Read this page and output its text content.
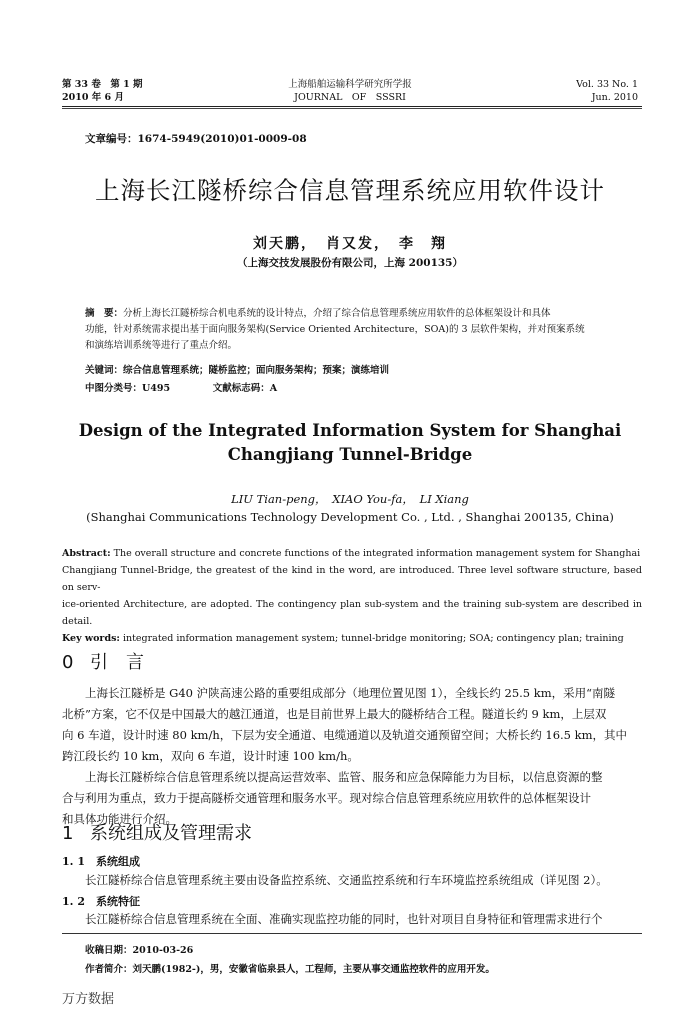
第 33 卷　第 1 期
2010 年 6 月
上海船舶运输科学研究所学报
JOURNAL　OF　SSSRI
Vol. 33 No. 1
Jun. 2010
文章编号：1674-5949(2010)01-0009-08
上海长江隧桥综合信息管理系统应用软件设计
刘天鹏，　肖又发，　李　翔
（上海交技发展股份有限公司，上海 200135）
摘　要：分析上海长江隧桥综合机电系统的设计特点，介绍了综合信息管理系统应用软件的总体框架设计和具体
功能，针对系统需求提出基于面向服务架构(Service Oriented Architecture，SOA)的 3 层软件架构，并对预案系统
和演练培训系统等进行了重点介绍。
关键词：综合信息管理系统；隧桥监控；面向服务架构；预案；演练培训
中图分类号：U495	文献标志码：A
Design of the Integrated Information System for Shanghai
Changjiang Tunnel-Bridge
LIU Tian-peng，　XIAO You-fa，　LI Xiang
(Shanghai Communications Technology Development Co. , Ltd. , Shanghai 200135, China)
Abstract: The overall structure and concrete functions of the integrated information management system for Shanghai
Changjiang Tunnel-Bridge, the greatest of the kind in the word, are introduced. Three level software structure, based on serv-
ice-oriented Architecture, are adopted. The contingency plan sub-system and the training sub-system are described in detail.
Key words: integrated information management system; tunnel-bridge monitoring; SOA; contingency plan; training
0 引　言
　　上海长江隧桥是 G40 沪陕高速公路的重要组成部分（地理位置见图 1），全线长约 25.5 km，采用“南隧
北桥”方案，它不仅是中国最大的越江通道，也是目前世界上最大的隧桥结合工程。隧道长约 9 km，上层双
向 6 车道，设计时速 80 km/h，下层为安全通道、电缆通道以及轨道交通预留空间；大桥长约 16.5 km，其中
跨江段长约 10 km，双向 6 车道，设计时速 100 km/h。
　　上海长江隧桥综合信息管理系统以提高运营效率、监管、服务和应急保障能力为目标，以信息资源的整
合与利用为重点，致力于提高隧桥交通管理和服务水平。现对综合信息管理系统应用软件的总体框架设计
和具体功能进行介绍。
1 系统组成及管理需求
1. 1　系统组成
长江隧桥综合信息管理系统主要由设备监控系统、交通监控系统和行车环境监控系统组成（详见图 2）。
1. 2　系统特征
长江隧桥综合信息管理系统在全面、准确实现监控功能的同时，也针对项目自身特征和管理需求进行个
收稿日期：2010-03-26
作者简介：刘天鹏(1982-)，男，安徽省临泉县人，工程师，主要从事交通监控软件的应用开发。
万方数据
